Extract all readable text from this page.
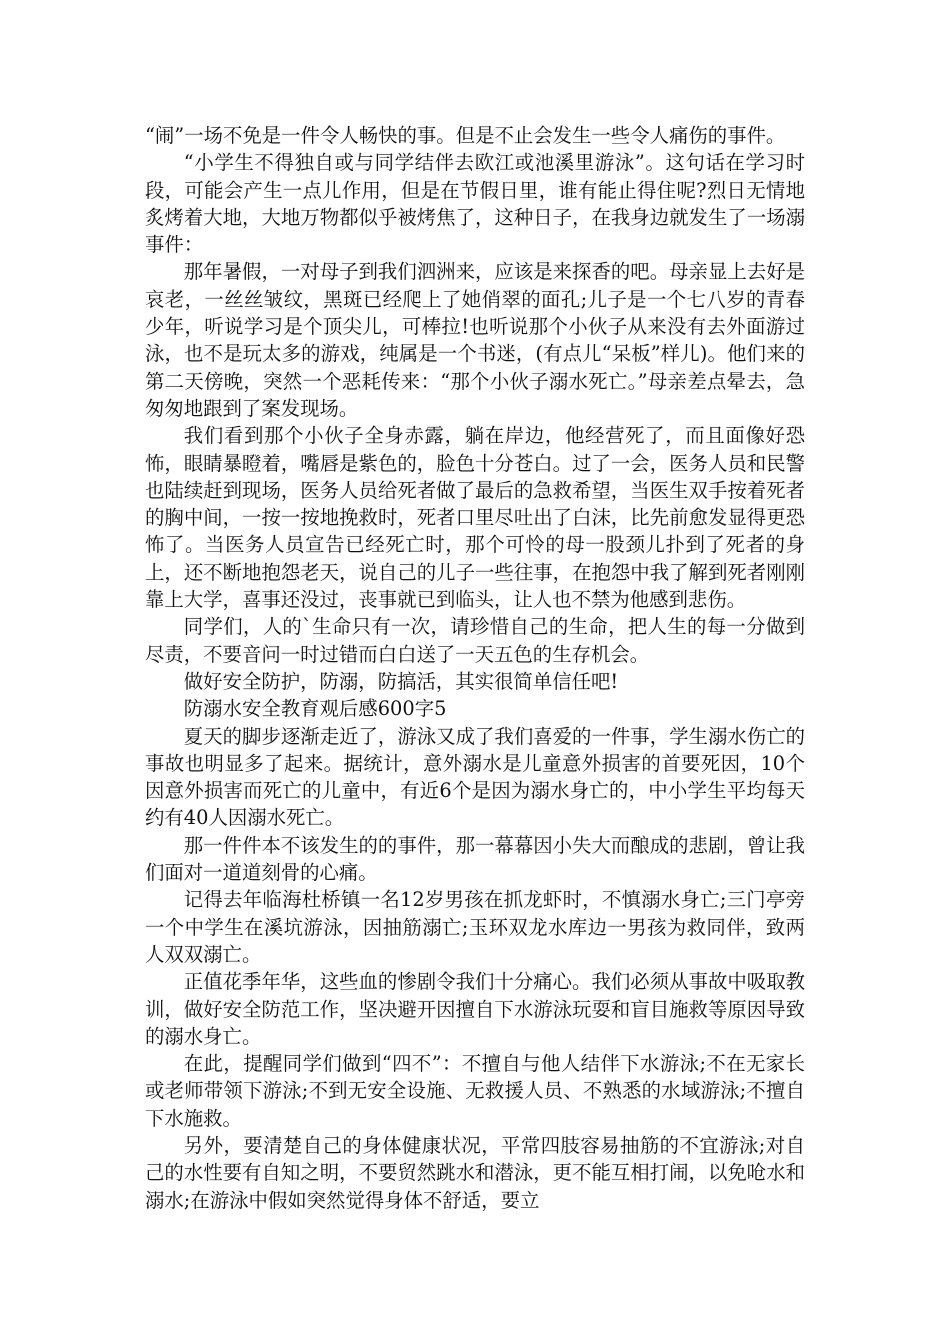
“闹”一场不免是一件令人畅快的事。但是不止会发生一些令人痛伤的事件。

“小学生不得独自或与同学结伴去欧江或池溪里游泳”。这句话在学习时段，可能会产生一点儿作用，但是在节假日里，谁有能止得住呢?烈日无情地炙烤着大地，大地万物都似乎被烤焦了，这种日子，在我身边就发生了一场溺事件：

那年暑假，一对母子到我们泗洲来，应该是来探香的吧。母亲显上去好是哀老，一丝丝皱纹，黑斑已经爬上了她俏翠的面孔;儿子是一个七八岁的青春少年，听说学习是个顶尖儿，可棒拉!也听说那个小伙子从来没有去外面游过泳，也不是玩太多的游戏，纯属是一个书迷，(有点儿“呆板”样儿)。他们来的第二天傍晚，突然一个恶耗传来：“那个小伙子溺水死亡。”母亲差点晕去，急匆匆地跟到了案发现场。

我们看到那个小伙子全身赤露，躺在岸边，他经营死了，而且面像好恐怖，眼睛暴瞪着，嘴唇是紫色的，脸色十分苍白。过了一会，医务人员和民警也陆续赶到现场，医务人员给死者做了最后的急救希望，当医生双手按着死者的胸中间，一按一按地挽救时，死者口里尽吐出了白沫，比先前愈发显得更恐怖了。当医务人员宣告已经死亡时，那个可怜的母一股颈儿扑到了死者的身上，还不断地抱怨老天，说自己的儿子一些往事，在抱怨中我了解到死者刚刚靠上大学，喜事还没过，丧事就已到临头，让人也不禁为他感到悲伤。

同学们，人的`生命只有一次，请珍惜自己的生命，把人生的每一分做到尽责，不要音问一时过错而白白送了一天五色的生存机会。

做好安全防护，防溺，防搞活，其实很简单信任吧!

防溺水安全教育观后感600字5

夏天的脚步逐渐走近了，游泳又成了我们喜爱的一件事，学生溺水伤亡的事故也明显多了起来。据统计，意外溺水是儿童意外损害的首要死因，10个因意外损害而死亡的儿童中，有近6个是因为溺水身亡的，中小学生平均每天约有40人因溺水死亡。

那一件件本不该发生的的事件，那一幕幕因小失大而酿成的悲剧，曾让我们面对一道道刻骨的心痛。

记得去年临海杜桥镇一名12岁男孩在抓龙虾时，不慎溺水身亡;三门亭旁一个中学生在溪坑游泳，因抽筋溺亡;玉环双龙水库边一男孩为救同伴，致两人双双溺亡。

正值花季年华，这些血的惨剧令我们十分痛心。我们必须从事故中吸取教训，做好安全防范工作，坚决避开因擅自下水游泳玩耍和盲目施救等原因导致的溺水身亡。

在此，提醒同学们做到“四不”：不擅自与他人结伴下水游泳;不在无家长或老师带领下游泳;不到无安全设施、无救援人员、不熟悉的水域游泳;不擅自下水施救。

另外，要清楚自己的身体健康状况，平常四肢容易抽筋的不宜游泳;对自己的水性要有自知之明，不要贸然跳水和潜泳，更不能互相打闹，以免呛水和溺水;在游泳中假如突然觉得身体不舒适，要立
